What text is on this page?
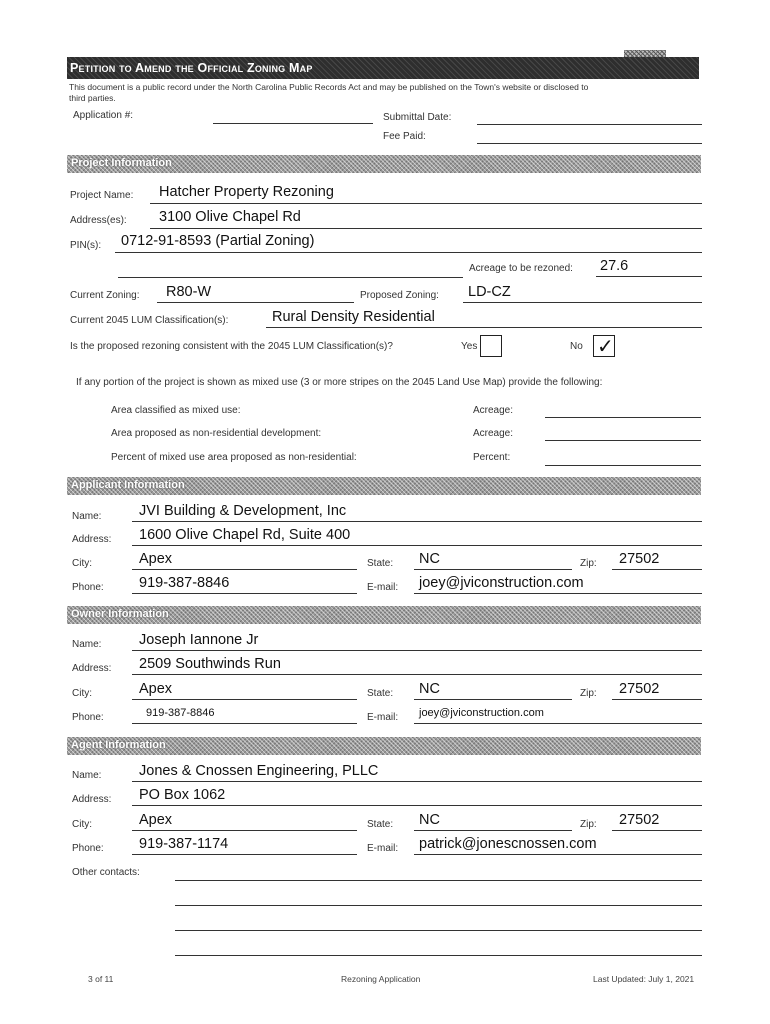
Petition to Amend the Official Zoning Map
This document is a public record under the North Carolina Public Records Act and may be published on the Town's website or disclosed to
third parties.
Application #:	Submittal Date:
Fee Paid:
Project Information
Project Name: Hatcher Property Rezoning
Address(es): 3100 Olive Chapel Rd
PIN(s): 0712-91-8593 (Partial Zoning)
Acreage to be rezoned: 27.6
Current Zoning: R80-W	Proposed Zoning: LD-CZ
Current 2045 LUM Classification(s):	Rural Density Residential
Is the proposed rezoning consistent with the 2045 LUM Classification(s)?	Yes	No ✓
If any portion of the project is shown as mixed use (3 or more stripes on the 2045 Land Use Map) provide the following:
Area classified as mixed use:	Acreage:
Area proposed as non-residential development:	Acreage:
Percent of mixed use area proposed as non-residential:	Percent:
Applicant Information
Name:	JVI Building & Development, Inc
Address: 1600 Olive Chapel Rd, Suite 400
City:	Apex	State: NC	Zip: 27502
Phone: 919-387-8846	E-mail: joey@jviconstruction.com
Owner Information
Name:	Joseph Iannone Jr
Address: 2509 Southwinds Run
City:	Apex	State: NC	Zip: 27502
Phone:	919-387-8846	E-mail: joey@jviconstruction.com
Agent Information
Name:	Jones & Cnossen Engineering, PLLC
Address: PO Box 1062
City:	Apex	State: NC	Zip: 27502
Phone: 919-387-1174	E-mail: patrick@jonescnossen.com
Other contacts:
3 of 11	Rezoning Application	Last Updated: July 1, 2021
